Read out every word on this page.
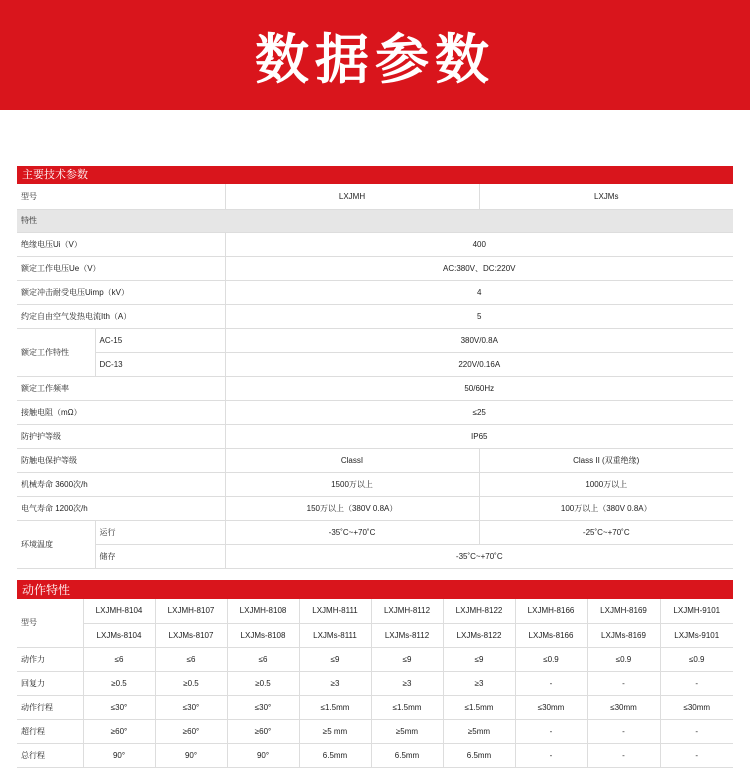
数据参数
主要技术参数
型号		LXJMH	LXJMs
特性			
绝缘电压Ui（V）		400	
额定工作电压Ue（V）		AC:380V、DC:220V	
额定冲击耐受电压Uimp（kV）		4	
约定自由空气发热电流Ith（A）		5	
额定工作特性	AC-15	380V/0.8A	
	DC-13	220V/0.16A	
额定工作频率		50/60Hz	
接触电阻（mΩ）		≤25	
防护护等级		IP65	
防触电保护等级		ClassI	Class II (双重绝缘)
机械寿命 3600次/h		1500万以上	1000万以上
电气寿命 1200次/h		150万以上（380V 0.8A）	100万以上（380V 0.8A）
环境温度	运行	-35˚C~+70˚C	-25˚C~+70˚C
	储存	-35˚C~+70˚C	
动作特性
型号	LXJMH-8104	LXJMH-8107	LXJMH-8108	LXJMH-8111	LXJMH-8112	LXJMH-8122	LXJMH-8166	LXJMH-8169	LXJMH-9101
	LXJMs-8104	LXJMs-8107	LXJMs-8108	LXJMs-8111	LXJMs-8112	LXJMs-8122	LXJMs-8166	LXJMs-8169	LXJMs-9101
动作力	≤6	≤6	≤6	≤9	≤9	≤9	≤0.9	≤0.9	≤0.9
回复力	≥0.5	≥0.5	≥0.5	≥3	≥3	≥3	-	-	-
动作行程	≤30°	≤30°	≤30°	≤1.5mm	≤1.5mm	≤1.5mm	≤30mm	≤30mm	≤30mm
超行程	≥60°	≥60°	≥60°	≥5 mm	≥5mm	≥5mm	-	-	-
总行程	90°	90°	90°	6.5mm	6.5mm	6.5mm	-	-	-
